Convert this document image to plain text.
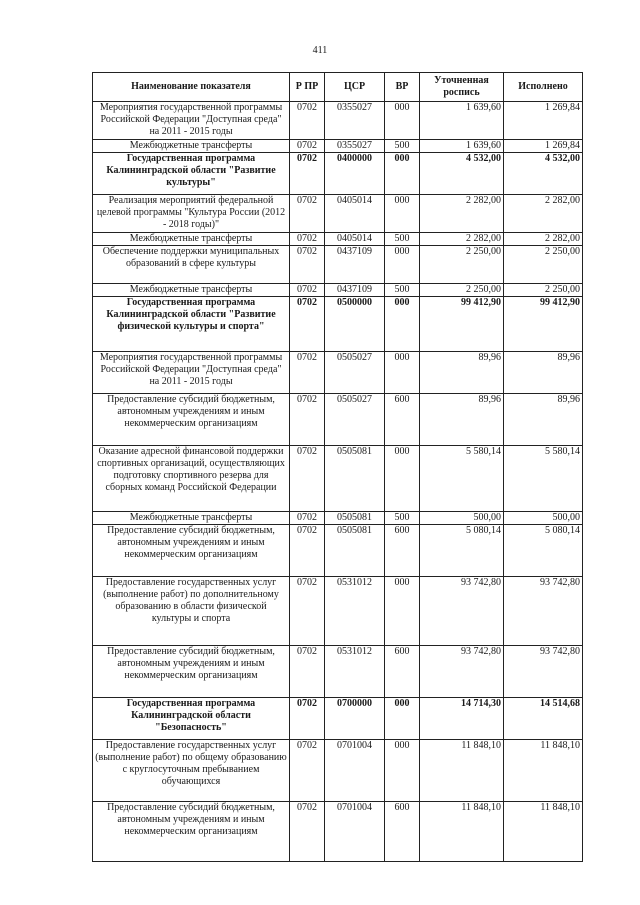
411
Наименование показателя	Р ПР	ЦСР	ВР	Уточненная роспись	Исполнено
Мероприятия государственной программы Российской Федерации "Доступная среда" на 2011 - 2015 годы	0702	0355027	000	1 639,60	1 269,84
Межбюджетные трансферты	0702	0355027	500	1 639,60	1 269,84
Государственная программа Калининградской области "Развитие культуры"	0702	0400000	000	4 532,00	4 532,00
Реализация мероприятий федеральной целевой программы "Культура России (2012 - 2018 годы)"	0702	0405014	000	2 282,00	2 282,00
Межбюджетные трансферты	0702	0405014	500	2 282,00	2 282,00
Обеспечение поддержки муниципальных образований в сфере культуры	0702	0437109	000	2 250,00	2 250,00
Межбюджетные трансферты	0702	0437109	500	2 250,00	2 250,00
Государственная программа Калининградской области "Развитие физической культуры и спорта"	0702	0500000	000	99 412,90	99 412,90
Мероприятия государственной программы Российской Федерации "Доступная среда" на 2011 - 2015 годы	0702	0505027	000	89,96	89,96
Предоставление субсидий бюджетным, автономным учреждениям и иным некоммерческим организациям	0702	0505027	600	89,96	89,96
Оказание адресной финансовой поддержки спортивных организаций, осуществляющих подготовку спортивного резерва для сборных команд Российской Федерации	0702	0505081	000	5 580,14	5 580,14
Межбюджетные трансферты	0702	0505081	500	500,00	500,00
Предоставление субсидий бюджетным, автономным учреждениям и иным некоммерческим организациям	0702	0505081	600	5 080,14	5 080,14
Предоставление государственных услуг (выполнение работ) по дополнительному образованию в области физической культуры и спорта	0702	0531012	000	93 742,80	93 742,80
Предоставление субсидий бюджетным, автономным учреждениям и иным некоммерческим организациям	0702	0531012	600	93 742,80	93 742,80
Государственная программа Калининградской области "Безопасность"	0702	0700000	000	14 714,30	14 514,68
Предоставление государственных услуг (выполнение работ) по общему образованию с круглосуточным пребыванием обучающихся	0702	0701004	000	11 848,10	11 848,10
Предоставление субсидий бюджетным, автономным учреждениям и иным некоммерческим организациям	0702	0701004	600	11 848,10	11 848,10
